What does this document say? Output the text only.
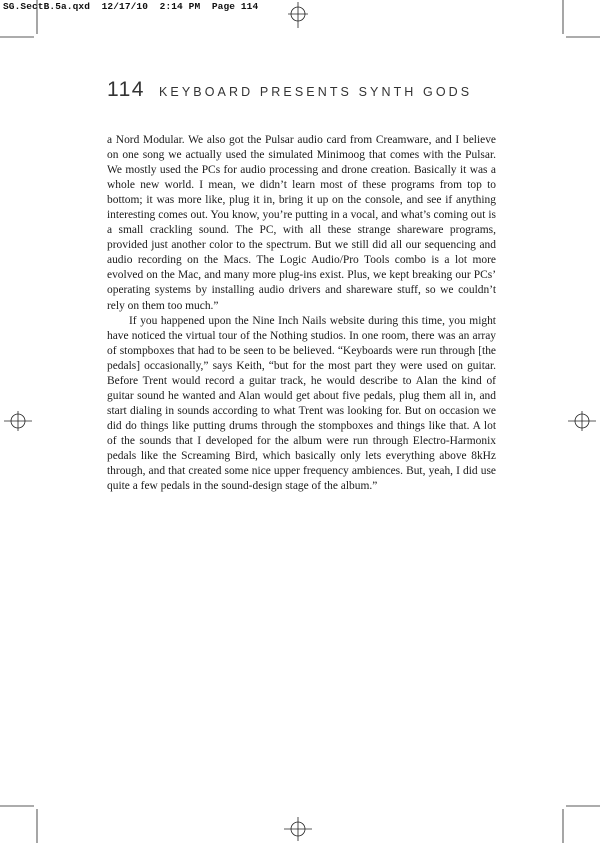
SG.SectB.5a.qxd 12/17/10 2:14 PM Page 114
114 KEYBOARD PRESENTS SYNTH GODS

a Nord Modular. We also got the Pulsar audio card from Creamware, and I believe on one song we actually used the simulated Minimoog that comes with the Pulsar. We mostly used the PCs for audio processing and drone creation. Basically it was a whole new world. I mean, we didn’t learn most of these programs from top to bottom; it was more like, plug it in, bring it up on the console, and see if anything interesting comes out. You know, you’re putting in a vocal, and what’s coming out is a small crackling sound. The PC, with all these strange shareware programs, provided just another color to the spectrum. But we still did all our sequencing and audio recording on the Macs. The Logic Audio/Pro Tools combo is a lot more evolved on the Mac, and many more plug-ins exist. Plus, we kept breaking our PCs’ operating systems by installing audio drivers and shareware stuff, so we couldn’t rely on them too much.”

If you happened upon the Nine Inch Nails website during this time, you might have noticed the virtual tour of the Nothing studios. In one room, there was an array of stompboxes that had to be seen to be believed. “Keyboards were run through [the pedals] occasionally,” says Keith, “but for the most part they were used on guitar. Before Trent would record a guitar track, he would describe to Alan the kind of guitar sound he wanted and Alan would get about five pedals, plug them all in, and start dialing in sounds according to what Trent was looking for. But on occasion we did do things like putting drums through the stompboxes and things like that. A lot of the sounds that I developed for the album were run through Electro-Harmonix pedals like the Screaming Bird, which basically only lets everything above 8kHz through, and that created some nice upper frequency ambiences. But, yeah, I did use quite a few pedals in the sound-design stage of the album.”
